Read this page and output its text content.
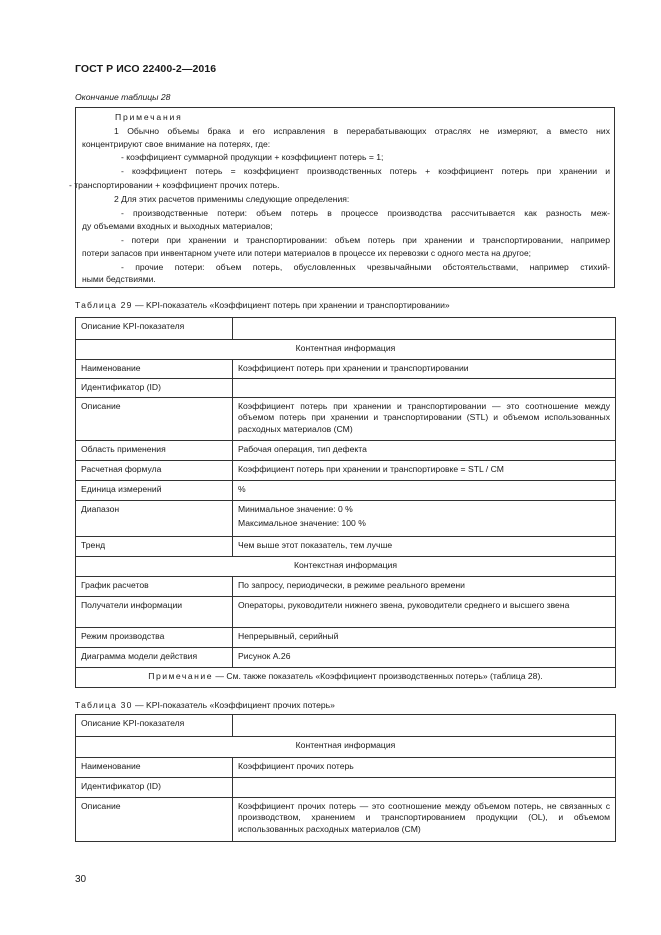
ГОСТ Р ИСО 22400-2—2016
Окончание таблицы 28
Примечания
1 Обычно объемы брака и его исправления в перерабатывающих отраслях не измеряют, а вместо них
концентрируют свое внимание на потерях, где:
- коэффициент суммарной продукции + коэффициент потерь = 1;
- коэффициент потерь = коэффициент производственных потерь + коэффициент потерь при хранении и
- транспортировании + коэффициент прочих потерь.
2 Для этих расчетов применимы следующие определения:
- производственные потери: объем потерь в процессе производства рассчитывается как разность меж-
ду объемами входных и выходных материалов;
- потери при хранении и транспортировании: объем потерь при хранении и транспортировании, например
потери запасов при инвентарном учете или потери материалов в процессе их перевозки с одного места на другое;
- прочие потери: объем потерь, обусловленных чрезвычайными обстоятельствами, например стихий-
ными бедствиями.
Таблица 29 — KPI-показатель «Коэффициент потерь при хранении и транспортировании»
Описание KPI-показателя	
Контентная информация	
Наименование	Коэффициент потерь при хранении и транспортировании
Идентификатор (ID)	
Описание	Коэффициент потерь при хранении и транспортировании — это соотношение между объемом потерь при хранении и транспортировании (STL) и объемом использованных расходных материалов (CM)
Область применения	Рабочая операция, тип дефекта
Расчетная формула	Коэффициент потерь при хранении и транспортировке = STL / CM
Единица измерений	%
Диапазон	Минимальное значение: 0 %
Максимальное значение: 100 %

Тренд	Чем выше этот показатель, тем лучше
Контекстная информация	
График расчетов	По запросу, периодически, в режиме реального времени
Получатели информации	Операторы, руководители нижнего звена, руководители среднего и высшего звена
Режим производства	Непрерывный, серийный
Диаграмма модели действия	Рисунок А.26
Примечание — См. также показатель «Коэффициент производственных потерь» (таблица 28).	
Таблица 30 — KPI-показатель «Коэффициент прочих потерь»
Описание KPI-показателя	
Контентная информация	
Наименование	Коэффициент прочих потерь
Идентификатор (ID)	
Описание	Коэффициент прочих потерь — это соотношение между объемом потерь, не связанных с производством, хранением и транспортированием продукции (OL), и объемом использованных расходных материалов (CM)
30
